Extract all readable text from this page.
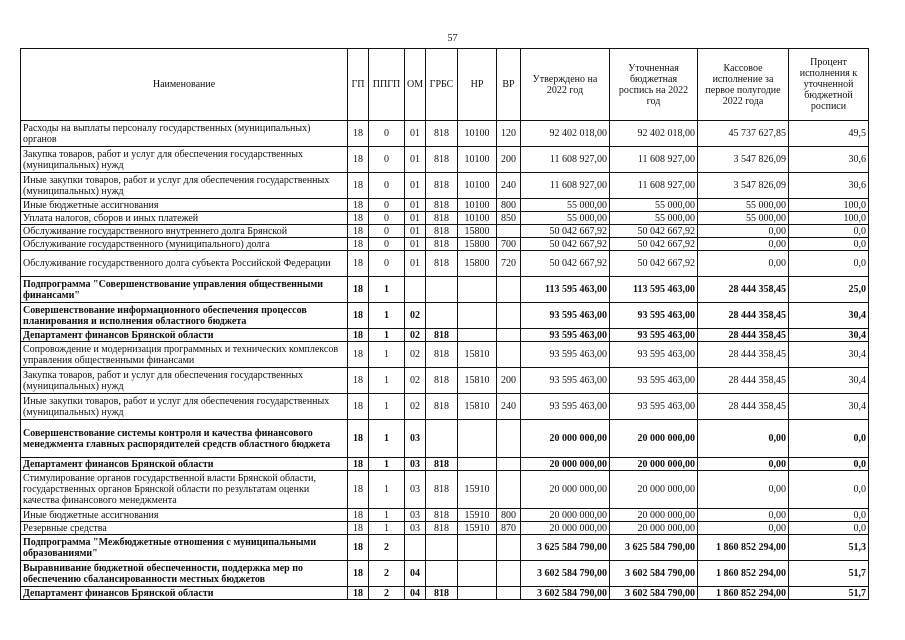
57
Наименование	ГП	ППГП	ОМ	ГРБС	НР	ВР	Утверждено на 2022 год	Уточненная бюджетная роспись на 2022 год	Кассовое исполнение за первое полугодие 2022 года	Процент исполнения к уточненной бюджетной росписи
Расходы на выплаты персоналу государственных (муниципальных) органов	18	0	01	818	10100	120	92 402 018,00	92 402 018,00	45 737 627,85	49,5
Закупка товаров, работ и услуг для обеспечения государственных (муниципальных) нужд	18	0	01	818	10100	200	11 608 927,00	11 608 927,00	3 547 826,09	30,6
Иные закупки товаров, работ и услуг для обеспечения государственных (муниципальных) нужд	18	0	01	818	10100	240	11 608 927,00	11 608 927,00	3 547 826,09	30,6
Иные бюджетные ассигнования	18	0	01	818	10100	800	55 000,00	55 000,00	55 000,00	100,0
Уплата налогов, сборов и иных платежей	18	0	01	818	10100	850	55 000,00	55 000,00	55 000,00	100,0
Обслуживание государственного внутреннего долга Брянской	18	0	01	818	15800		50 042 667,92	50 042 667,92	0,00	0,0
Обслуживание государственного (муниципального) долга	18	0	01	818	15800	700	50 042 667,92	50 042 667,92	0,00	0,0
Обслуживание государственного долга субъекта Российской Федерации	18	0	01	818	15800	720	50 042 667,92	50 042 667,92	0,00	0,0
Подпрограмма "Совершенствование управления общественными финансами"	18	1					113 595 463,00	113 595 463,00	28 444 358,45	25,0
Совершенствование информационного обеспечения процессов планирования и исполнения областного бюджета	18	1	02				93 595 463,00	93 595 463,00	28 444 358,45	30,4
Департамент финансов Брянской области	18	1	02	818			93 595 463,00	93 595 463,00	28 444 358,45	30,4
Сопровождение и модернизация программных и технических комплексов управления общественными финансами	18	1	02	818	15810		93 595 463,00	93 595 463,00	28 444 358,45	30,4
Закупка товаров, работ и услуг для обеспечения государственных (муниципальных) нужд	18	1	02	818	15810	200	93 595 463,00	93 595 463,00	28 444 358,45	30,4
Иные закупки товаров, работ и услуг для обеспечения государственных (муниципальных) нужд	18	1	02	818	15810	240	93 595 463,00	93 595 463,00	28 444 358,45	30,4
Совершенствование системы контроля и качества финансового менеджмента главных распорядителей средств областного бюджета	18	1	03				20 000 000,00	20 000 000,00	0,00	0,0
Департамент финансов Брянской области	18	1	03	818			20 000 000,00	20 000 000,00	0,00	0,0
Стимулирование органов государственной власти Брянской области, государственных органов Брянской области по результатам оценки качества финансового менеджмента	18	1	03	818	15910		20 000 000,00	20 000 000,00	0,00	0,0
Иные бюджетные ассигнования	18	1	03	818	15910	800	20 000 000,00	20 000 000,00	0,00	0,0
Резервные средства	18	1	03	818	15910	870	20 000 000,00	20 000 000,00	0,00	0,0
Подпрограмма "Межбюджетные отношения с муниципальными образованиями"	18	2					3 625 584 790,00	3 625 584 790,00	1 860 852 294,00	51,3
Выравнивание бюджетной обеспеченности, поддержка мер по обеспечению сбалансированности местных бюджетов	18	2	04				3 602 584 790,00	3 602 584 790,00	1 860 852 294,00	51,7
Департамент финансов Брянской области	18	2	04	818			3 602 584 790,00	3 602 584 790,00	1 860 852 294,00	51,7
